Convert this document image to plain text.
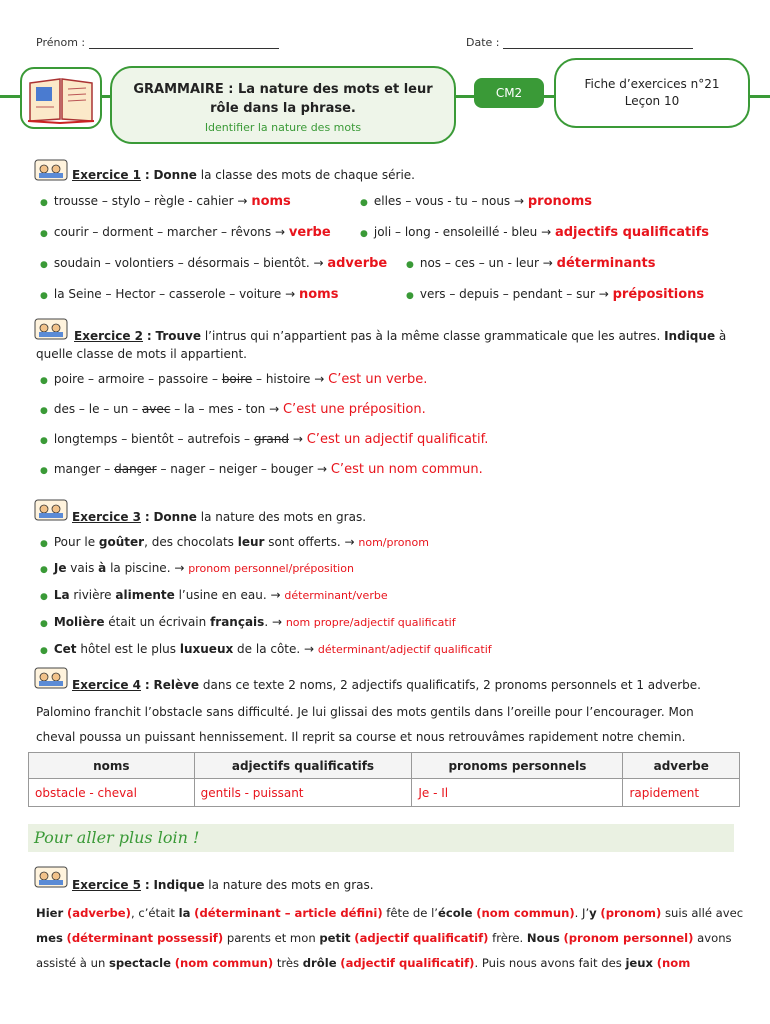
Prénom :	Date :
GRAMMAIRE : La nature des mots et leur
rôle dans la phrase.
Identifier la nature des mots
CM2
Fiche d’exercices n°21
Leçon 10
Exercice 1 : Donne la classe des mots de chaque série.
● trousse – stylo – règle - cahier → noms	● elles – vous - tu – nous → pronoms
● courir – dorment – marcher – rêvons → verbe	● joli – long - ensoleillé - bleu → adjectifs qualificatifs
● soudain – volontiers – désormais – bientôt. → adverbe ● nos – ces – un - leur → déterminants
● la Seine – Hector – casserole – voiture → noms	● vers – depuis – pendant – sur → prépositions
Exercice 2 : Trouve l’intrus qui n’appartient pas à la même classe grammaticale que les autres. Indique à
quelle classe de mots il appartient.
● poire – armoire – passoire – boire – histoire → C’est un verbe.
● des – le – un – avec – la – mes - ton → C’est une préposition.
● longtemps – bientôt – autrefois – grand → C’est un adjectif qualificatif.
● manger – danger – nager – neiger – bouger → C’est un nom commun.
Exercice 3 : Donne la nature des mots en gras.
● Pour le goûter, des chocolats leur sont offerts. → nom/pronom
● Je vais à la piscine. → pronom personnel/préposition
● La rivière alimente l’usine en eau. → déterminant/verbe
● Molière était un écrivain français. → nom propre/adjectif qualificatif
● Cet hôtel est le plus luxueux de la côte. → déterminant/adjectif qualificatif
Exercice 4 : Relève dans ce texte 2 noms, 2 adjectifs qualificatifs, 2 pronoms personnels et 1 adverbe.
Palomino franchit l’obstacle sans difficulté. Je lui glissai des mots gentils dans l’oreille pour l’encourager. Mon
cheval poussa un puissant hennissement. Il reprit sa course et nous retrouvâmes rapidement notre chemin.
noms	adjectifs qualificatifs	pronoms personnels	adverbe
obstacle - cheval	gentils - puissant	Je - Il	rapidement
Pour aller plus loin !
Exercice 5 : Indique la nature des mots en gras.
Hier (adverbe), c’était la (déterminant – article défini) fête de l’école (nom commun). J’y (pronom) suis allé avec
mes (déterminant possessif) parents et mon petit (adjectif qualificatif) frère. Nous (pronom personnel) avons
assisté à un spectacle (nom commun) très drôle (adjectif qualificatif). Puis nous avons fait des jeux (nom
